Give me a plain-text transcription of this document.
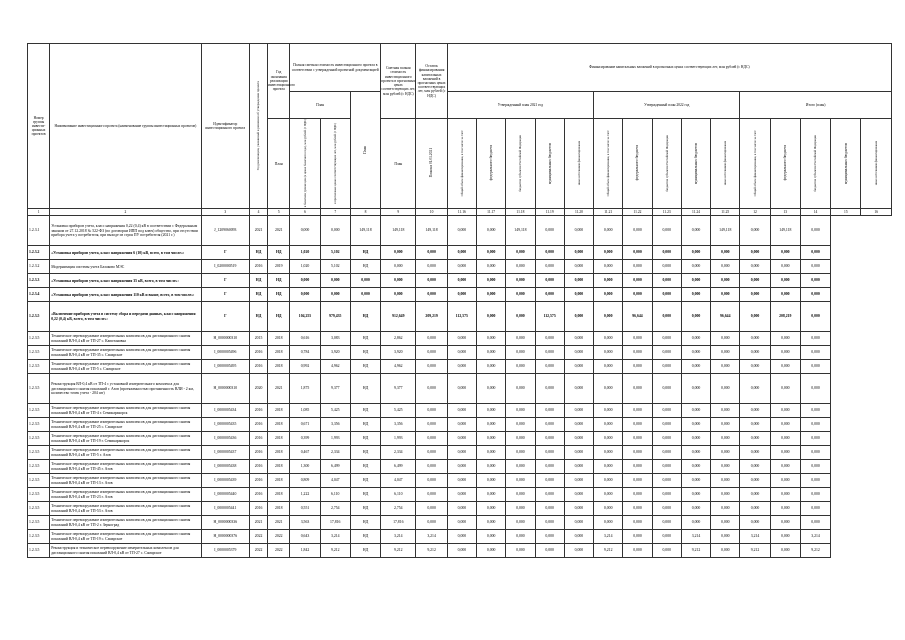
Номер группы инвести-ционных проектов	Наименование инвестиционного проекта (наименование группы инвестиционных проектов)	Идентификатор инвестиционного проекта	Год реализации, указанный в решении об утверждении проекта	Год окончания реализации инвестиционного проекта	Полная сметная стоимость инвестиционного проекта в соответствии с утвержденной проектной документацией			Сметная полная стоимость инвестиционного проекта в прогнозных ценах соответствующих лет, млн рублей (с НДС)	Остаток финансирования капитальных вложений в прогнозных ценах соответствующих лет, млн рублей (с НДС)	Финансирование капитальных вложений в прогнозных ценах соответствующих лет, млн рублей (с НДС)														
					План		План			Утвержденный план 2021 год					Утвержденный план 2022 год					Итого (план)				
				План	в базисном уровне цен (в ценах базисного года), млн рублей (с НДС)	в прогнозных ценах соответствующих лет, млн рублей (с НДС)		План	План на 01.01.2021	Общий объем финансирования, в том числе за счет:	федерального бюджета	бюджетов субъектов Российской Федерации	муниципальных бюджетов	иных источников финансирования	Общий объем финансирования, в том числе за счет:	федерального бюджета	бюджетов субъектов Российской Федерации	муниципальных бюджетов	иных источников финансирования	Общий объем финансирования, в том числе за счет:	федерального бюджета	бюджетов субъектов Российской Федерации	муниципальных бюджетов	иных источников финансирования
1	2	3	4	5	6	7	8	9	10	11.16	11.17	11.18	11.19	11.20	11.21	11.22	11.23	11.24	11.25	12	13	14	15	16
1.2.3.1	Установка приборов учета, класс напряжения 0,22 (0,4) кВ в соответствии с Федеральным законом от 27.12.2018 № 522-ФЗ (по договорам ИПП под ключ) общество, при отсутствии прибора учета у потребителя, при выходе из строя ПУ потребителя (2021 г.)	J_1209060093	2021	2021	0,000	0,000	149,118	149,118	149,118	0,000	0,000	149,118	0,000	0,000	0,000	0,000	0,000	0,000	149,118	0,000	149,118	0,000		
1.2.3.2	«Установка приборов учета, класс напряжения 6 (10) кВ, всего, в том числе»:	Г	НД	НД	1,020	5,102	НД	0,000	0,000	0,000	0,000	0,000	0,000	0,000	0,000	0,000	0,000	0,000	0,000	0,000	0,000	0,000		
1.2.3.2	Модернизация системы учета Балаково МЭС	I_0200000519	2016	2019	1,020	5,102	НД	0,000	0,000	0,000	0,000	0,000	0,000	0,000	0,000	0,000	0,000	0,000	0,000	0,000	0,000	0,000		
1.2.3.3	«Установка приборов учета, класс напряжения 35 кВ, всего, в том числе»:	Г	НД	НД	0,000	0,000	0,000	0,000	0,000	0,000	0,000	0,000	0,000	0,000	0,000	0,000	0,000	0,000	0,000	0,000	0,000	0,000		
1.2.3.4	«Установка приборов учета, класс напряжения 110 кВ и выше, всего, в том числе»:	Г	НД	НД	0,000	0,000	0,000	0,000	0,000	0,000	0,000	0,000	0,000	0,000	0,000	0,000	0,000	0,000	0,000	0,000	0,000	0,000		
1.2.3.5	«Включение приборов учета в систему сбора и передачи данных, класс напряжения 0,22 (0,4) кВ, всего, в том числе»:	Г	НД	НД	104,255	979,435	НД	912,649	209,219	112,575	0,000	0,000	112,575	0,000	0,000	96,644	0,000	0,000	96,644	0,000	208,219	0,000		
1.2.3.5	Техническое перевооружение измерительных комплексов для дистанционного снятия показаний ВЛ-0,4 кВ от ТП-27 с. Капитановка	H_0000000310	2015	2018	0,616	3,083	НД	2,862	0,000	0,000	0,000	0,000	0,000	0,000	0,000	0,000	0,000	0,000	0,000	0,000	0,000	0,000		
1.2.3.5	Техническое перевооружение измерительных комплексов для дистанционного снятия показаний ВЛ-0,4 кВ от ТП-35 с. Самарское	I_0000005496	2016	2018	0,784	3,920	НД	3,920	0,000	0,000	0,000	0,000	0,000	0,000	0,000	0,000	0,000	0,000	0,000	0,000	0,000	0,000		
1.2.3.5	Техническое перевооружение измерительных комплексов для дистанционного снятия показаний ВЛ-0,4 кВ от ТП-5 с. Самарское	I_0000005495	2016	2018	0,992	4,962	НД	4,962	0,000	0,000	0,000	0,000	0,000	0,000	0,000	0,000	0,000	0,000	0,000	0,000	0,000	0,000		
1.2.3.5	Реконструкция ВЛ-0,4 кВ от ТП-4 с установкой измерительного комплекса для дистанционного снятия показаний г. Азов (протяженностью протяженность ВЛИ - 2 км, количество точек учета - 204 шт)	H_0000000310	2020	2021	1,875	9,377	НД	9,377	0,000	0,000	0,000	0,000	0,000	0,000	0,000	0,000	0,000	0,000	0,000	0,000	0,000	0,000		
1.2.3.5	Техническое перевооружение измерительных комплексов для дистанционного снятия показаний ВЛ-0,4 кВ от ТП-4 г. Семикаракорск	I_0000005434	2016	2018	1,085	5,425	НД	5,425	0,000	0,000	0,000	0,000	0,000	0,000	0,000	0,000	0,000	0,000	0,000	0,000	0,000	0,000		
1.2.3.5	Техническое перевооружение измерительных комплексов для дистанционного снятия показаний ВЛ-0,4 кВ от ТП-25 с. Самарское	I_0000005435	2016	2018	0,671	3,356	НД	3,356	0,000	0,000	0,000	0,000	0,000	0,000	0,000	0,000	0,000	0,000	0,000	0,000	0,000	0,000		
1.2.3.5	Техническое перевооружение измерительных комплексов для дистанционного снятия показаний ВЛ-0,4 кВ от ТП-19 г. Семикаракорск	I_0000005436	2016	2018	0,399	1,993	НД	1,993	0,000	0,000	0,000	0,000	0,000	0,000	0,000	0,000	0,000	0,000	0,000	0,000	0,000	0,000		
1.2.3.5	Техническое перевооружение измерительных комплексов для дистанционного снятия показаний ВЛ-0,4 кВ от ТП-5 г. Азов	I_0000005437	2016	2018	0,467	2,334	НД	2,334	0,000	0,000	0,000	0,000	0,000	0,000	0,000	0,000	0,000	0,000	0,000	0,000	0,000	0,000		
1.2.3.5	Техническое перевооружение измерительных комплексов для дистанционного снятия показаний ВЛ-0,4 кВ от ТП-45 г. Азов	I_0000005438	2016	2018	1,300	6,499	НД	6,499	0,000	0,000	0,000	0,000	0,000	0,000	0,000	0,000	0,000	0,000	0,000	0,000	0,000	0,000		
1.2.3.5	Техническое перевооружение измерительных комплексов для дистанционного снятия показаний ВЛ-0,4 кВ от ТП-13 г. Азов	I_0000005439	2016	2018	0,809	4,047	НД	4,047	0,000	0,000	0,000	0,000	0,000	0,000	0,000	0,000	0,000	0,000	0,000	0,000	0,000	0,000		
1.2.3.5	Техническое перевооружение измерительных комплексов для дистанционного снятия показаний ВЛ-0,4 кВ от ТП-23 г. Азов	I_0000005440	2016	2018	1,222	6,110	НД	6,110	0,000	0,000	0,000	0,000	0,000	0,000	0,000	0,000	0,000	0,000	0,000	0,000	0,000	0,000		
1.2.3.5	Техническое перевооружение измерительных комплексов для дистанционного снятия показаний ВЛ-0,4 кВ от ТП-53 г. Азов	I_0000005441	2016	2018	0,551	2,754	НД	2,754	0,000	0,000	0,000	0,000	0,000	0,000	0,000	0,000	0,000	0,000	0,000	0,000	0,000	0,000		
1.2.3.5	Техническое перевооружение измерительных комплексов для дистанционного снятия показаний ВЛ-0,4 кВ от ТП-2 г. Зерноград	H_0000000336	2021	2021	3,563	17,816	НД	17,816	0,000	0,000	0,000	0,000	0,000	0,000	0,000	0,000	0,000	0,000	0,000	0,000	0,000	0,000		
1.2.3.5	Техническое перевооружение измерительных комплексов для дистанционного снятия показаний ВЛ-0,4 кВ от ТП-19 с. Самарское	H_0000000376	2022	2022	0,643	3,214	НД	3,214	3,214	0,000	0,000	0,000	0,000	0,000	3,214	0,000	0,000	3,214	0,000	3,214	0,000	3,214		
1.2.3.5	Реконструкция и техническое перевооружение измерительных комплексов для дистанционного снятия показаний ВЛ-0,4 кВ от ТП-27 с. Самарское	I_0000005379	2022	2022	1,842	9,212	НД	9,212	9,212	0,000	0,000	0,000	0,000	0,000	9,212	0,000	0,000	9,212	0,000	9,212	0,000	9,212		
